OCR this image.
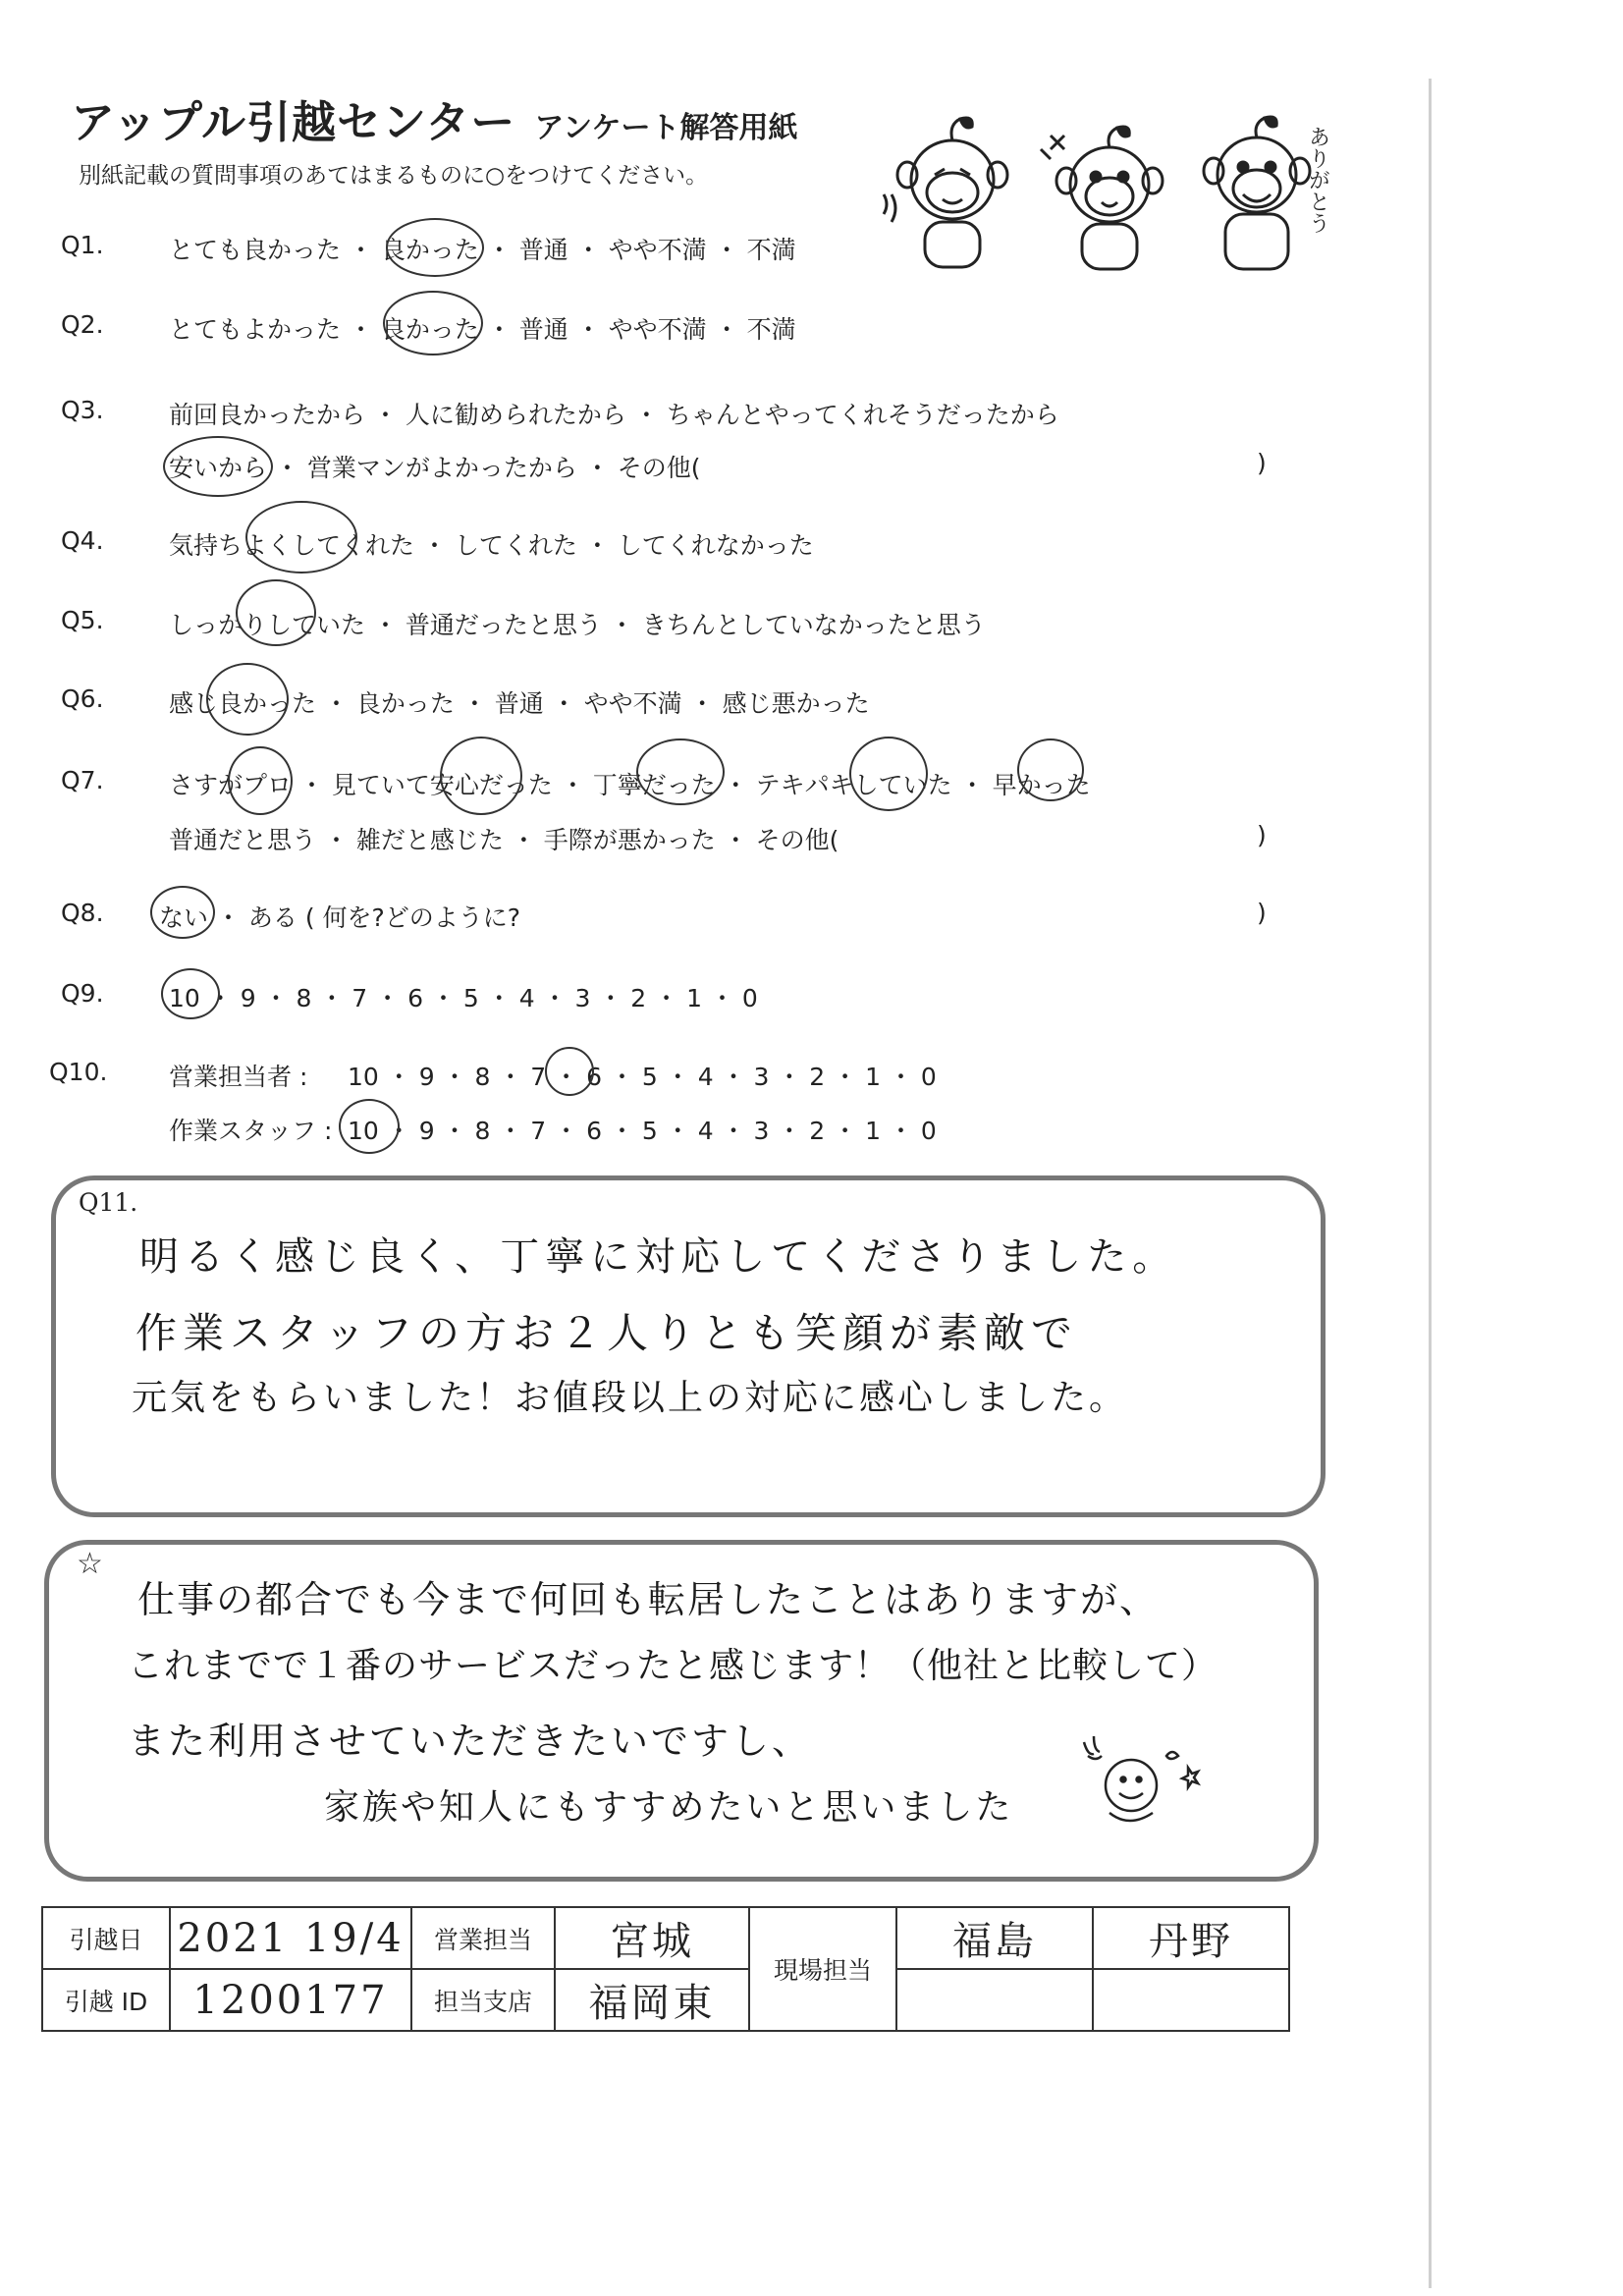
アップル引越センター アンケート解答用紙
別紙記載の質問事項のあてはまるものに○をつけてください。	ありがとう
Q1.	とても良かった ・ 良かった ・ 普通 ・ やや不満 ・ 不満
Q2.	とてもよかった ・ 良かった ・ 普通 ・ やや不満 ・ 不満
Q3.	前回良かったから ・ 人に勧められたから ・ ちゃんとやってくれそうだったから
安いから ・ 営業マンがよかったから ・ その他(	)
Q4.	気持ちよくしてくれた ・ してくれた ・ してくれなかった
Q5.	しっかりしていた ・ 普通だったと思う ・ きちんとしていなかったと思う
Q6.	感じ良かった ・ 良かった ・ 普通 ・ やや不満 ・ 感じ悪かった
Q7.	さすがプロ ・ 見ていて安心だった ・ 丁寧だった ・ テキパキしていた ・ 早かった
普通だと思う ・ 雑だと感じた ・ 手際が悪かった ・ その他(	)
Q8. ない ・ ある ( 何を?どのように?	)
Q9.	10 ・ 9 ・ 8 ・ 7 ・ 6 ・ 5 ・ 4 ・ 3 ・ 2 ・ 1 ・ 0
Q10.	営業担当者 : 10 ・ 9 ・ 8 ・ 7 ・ 6 ・ 5 ・ 4 ・ 3 ・ 2 ・ 1 ・ 0
作業スタッフ : 10 ・ 9 ・ 8 ・ 7 ・ 6 ・ 5 ・ 4 ・ 3 ・ 2 ・ 1 ・ 0
Q11.
明るく感じ良く、丁寧に対応してくださりました。
作業スタッフの方お２人りとも笑顔が素敵で
元気をもらいました！お値段以上の対応に感心しました。
☆
仕事の都合でも今まで何回も転居したことはありますが、
これまでで１番のサービスだったと感じます！（他社と比較して）
また利用させていただきたいですし、
家族や知人にもすすめたいと思いました
引越日	2021 19/4	営業担当	宮城	現場担当	福島	丹野
引越 ID	1200177	担当支店	福岡東			
